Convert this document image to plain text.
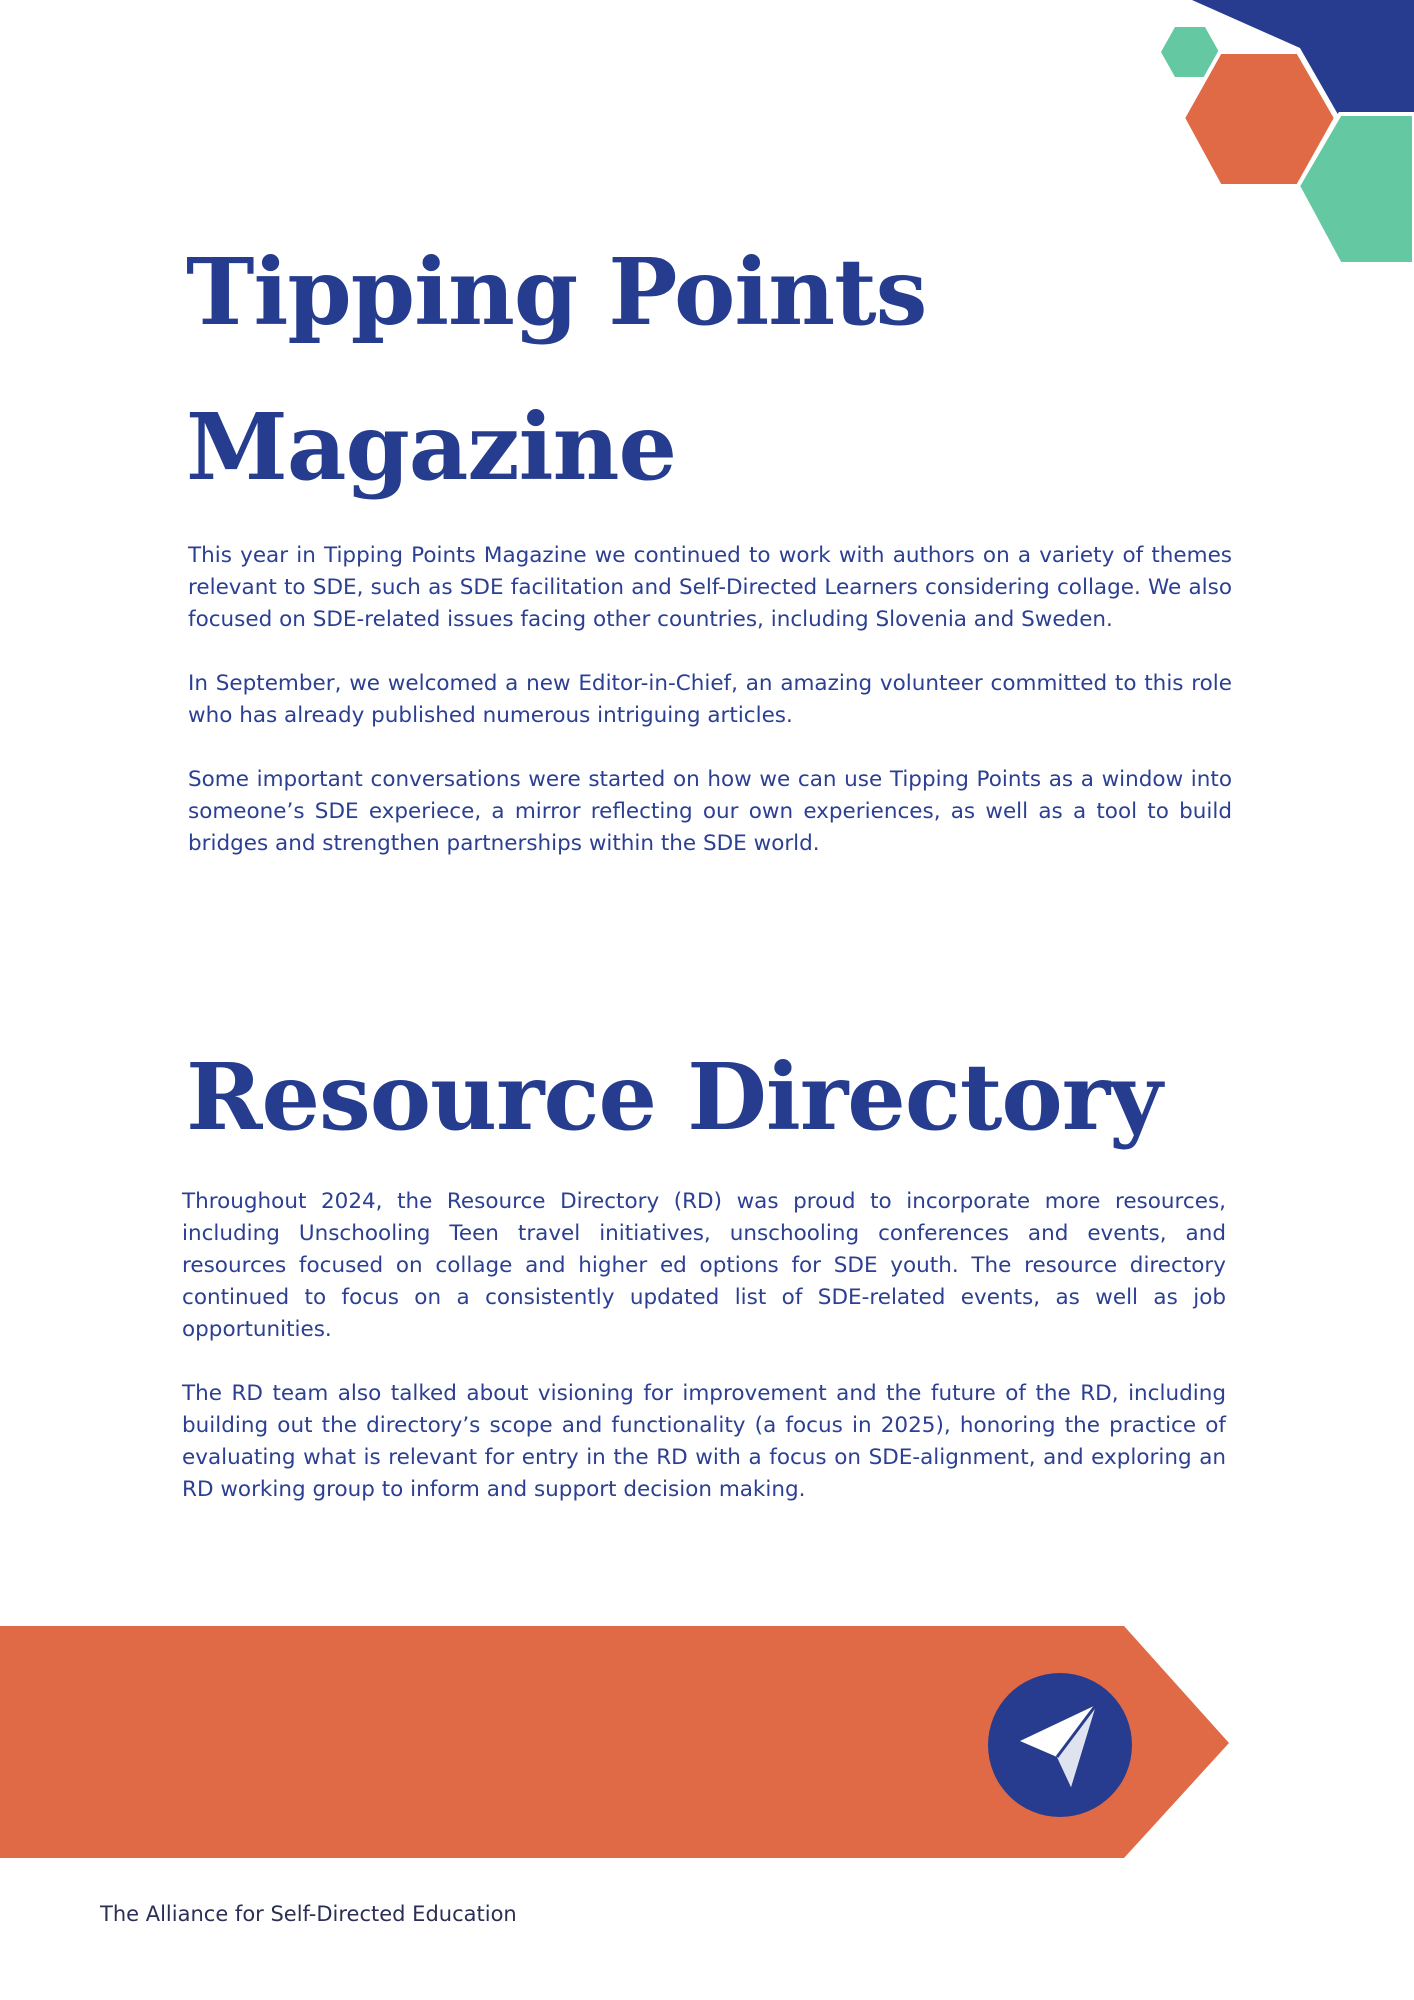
Tipping Points Magazine

This year in Tipping Points Magazine we continued to work with authors on a variety of themes relevant to SDE, such as SDE facilitation and Self-Directed Learners considering collage. We also focused on SDE-related issues facing other countries, including Slovenia and Sweden.

In September, we welcomed a new Editor-in-Chief, an amazing volunteer committed to this role who has already published numerous intriguing articles.

Some important conversations were started on how we can use Tipping Points as a window into someone’s SDE experiece, a mirror reflecting our own experiences, as well as a tool to build bridges and strengthen partnerships within the SDE world.

Resource Directory

Throughout 2024, the Resource Directory (RD) was proud to incorporate more resources, including Unschooling Teen travel initiatives, unschooling conferences and events, and resources focused on collage and higher ed options for SDE youth. The resource directory continued to focus on a consistently updated list of SDE-related events, as well as job opportunities.

The RD team also talked about visioning for improvement and the future of the RD, including building out the directory’s scope and functionality (a focus in 2025), honoring the practice of evaluating what is relevant for entry in the RD with a focus on SDE-alignment, and exploring an RD working group to inform and support decision making.

The Alliance for Self-Directed Education
